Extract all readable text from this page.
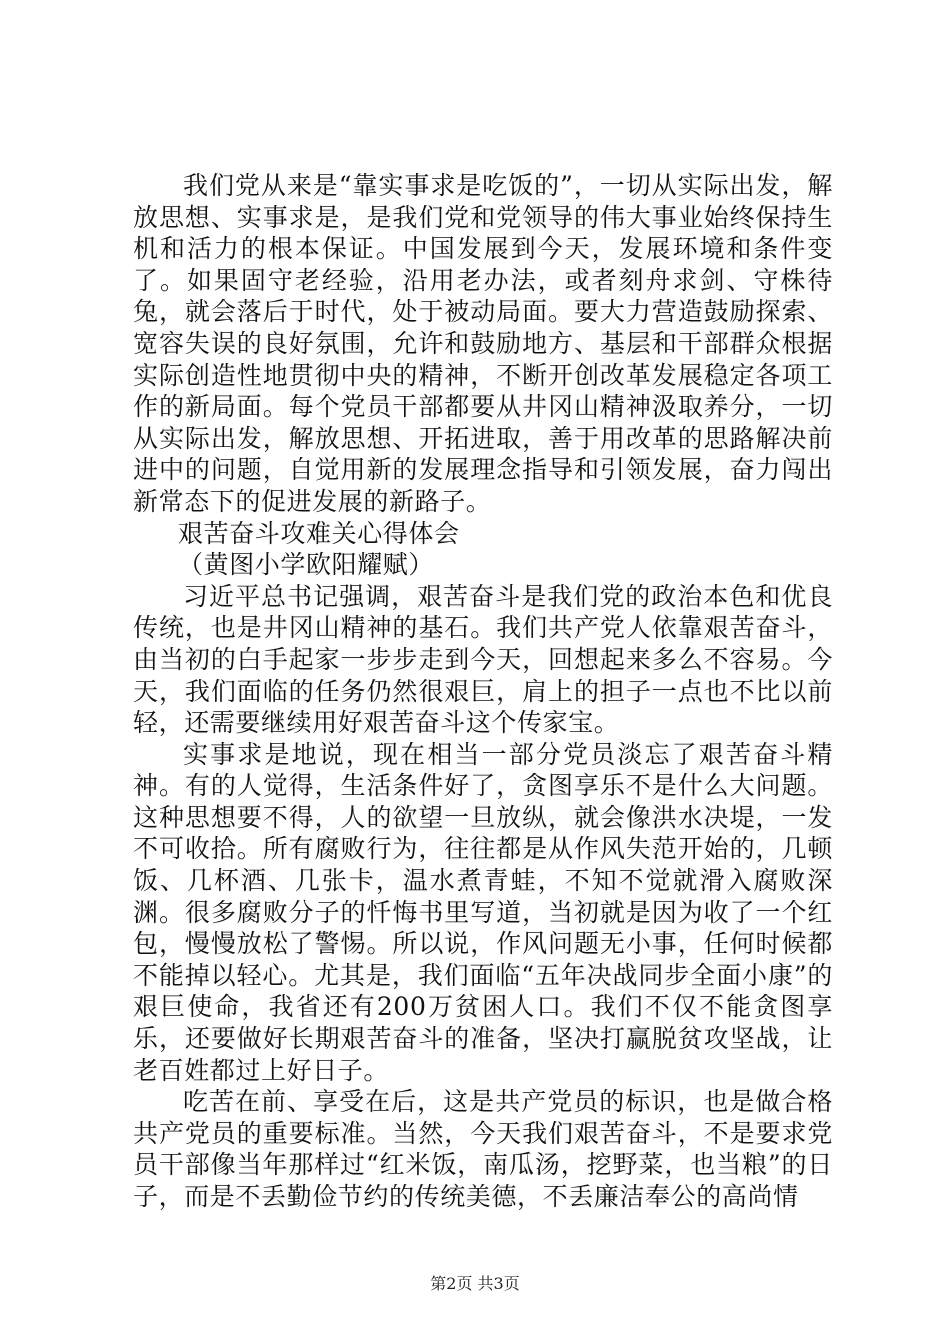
我们党从来是“靠实事求是吃饭的”，一切从实际出发，解放思想、实事求是，是我们党和党领导的伟大事业始终保持生机和活力的根本保证。中国发展到今天，发展环境和条件变了。如果固守老经验，沿用老办法，或者刻舟求剑、守株待兔，就会落后于时代，处于被动局面。要大力营造鼓励探索、宽容失误的良好氛围，允许和鼓励地方、基层和干部群众根据实际创造性地贯彻中央的精神，不断开创改革发展稳定各项工作的新局面。每个党员干部都要从井冈山精神汲取养分，一切从实际出发，解放思想、开拓进取，善于用改革的思路解决前进中的问题，自觉用新的发展理念指导和引领发展，奋力闯出新常态下的促进发展的新路子。

艰苦奋斗攻难关心得体会

（黄图小学欧阳耀赋）

习近平总书记强调，艰苦奋斗是我们党的政治本色和优良传统，也是井冈山精神的基石。我们共产党人依靠艰苦奋斗，由当初的白手起家一步步走到今天，回想起来多么不容易。今天，我们面临的任务仍然很艰巨，肩上的担子一点也不比以前轻，还需要继续用好艰苦奋斗这个传家宝。

实事求是地说，现在相当一部分党员淡忘了艰苦奋斗精神。有的人觉得，生活条件好了，贪图享乐不是什么大问题。这种思想要不得，人的欲望一旦放纵，就会像洪水决堤，一发不可收拾。所有腐败行为，往往都是从作风失范开始的，几顿饭、几杯酒、几张卡，温水煮青蛙，不知不觉就滑入腐败深渊。很多腐败分子的忏悔书里写道，当初就是因为收了一个红包，慢慢放松了警惕。所以说，作风问题无小事，任何时候都不能掉以轻心。尤其是，我们面临“五年决战同步全面小康”的艰巨使命，我省还有200万贫困人口。我们不仅不能贪图享乐，还要做好长期艰苦奋斗的准备，坚决打赢脱贫攻坚战，让老百姓都过上好日子。

吃苦在前、享受在后，这是共产党员的标识，也是做合格共产党员的重要标准。当然，今天我们艰苦奋斗，不是要求党员干部像当年那样过“红米饭，南瓜汤，挖野菜，也当粮”的日子，而是不丢勤俭节约的传统美德，不丢廉洁奉公的高尚情

第2页 共3页
